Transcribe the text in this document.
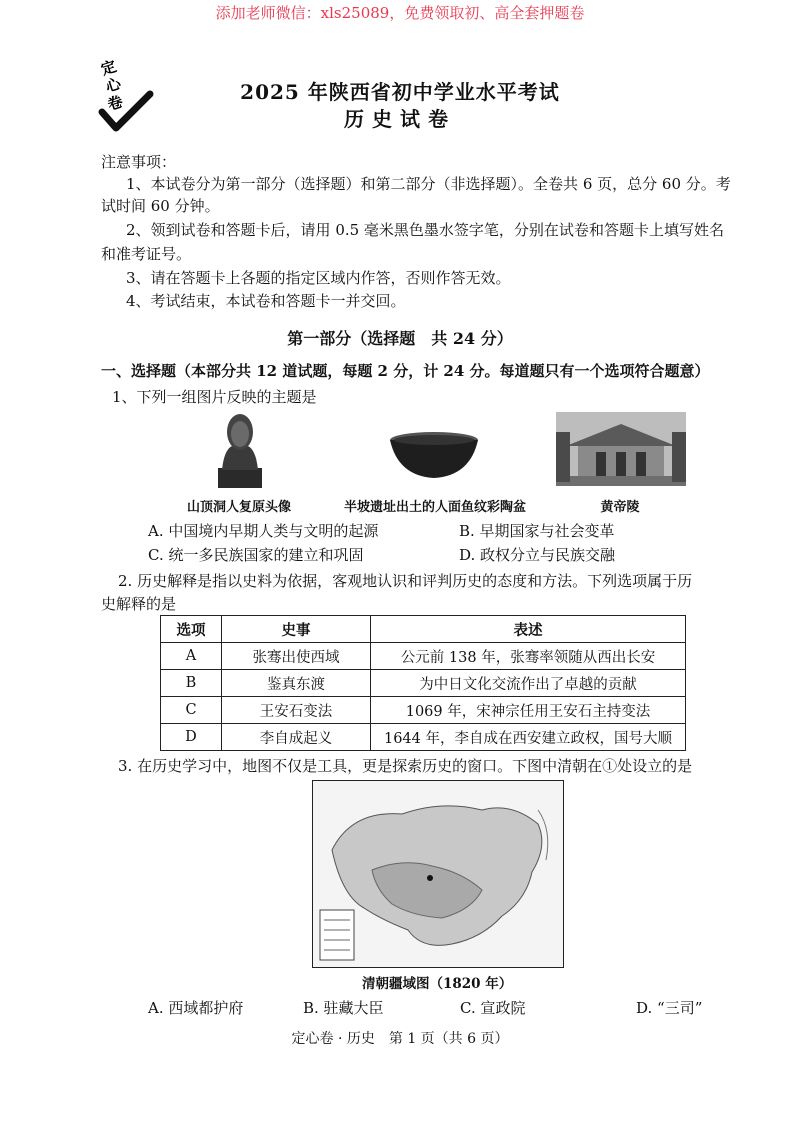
添加老师微信：xls25089，免费领取初、高全套押题卷
定
心
卷	2025 年陕西省初中学业水平考试
历史试卷
注意事项：
1、本试卷分为第一部分（选择题）和第二部分（非选择题）。全卷共 6 页，总分 60 分。考
试时间 60 分钟。
2、领到试卷和答题卡后，请用 0.5 毫米黑色墨水签字笔，分别在试卷和答题卡上填写姓名
和准考证号。
3、请在答题卡上各题的指定区域内作答，否则作答无效。
4、考试结束，本试卷和答题卡一并交回。
第一部分（选择题　共 24 分）
一、选择题（本部分共 12 道试题，每题 2 分，计 24 分。每道题只有一个选项符合题意）
1、下列一组图片反映的主题是
山顶洞人复原头像	半坡遗址出土的人面鱼纹彩陶盆	黄帝陵
A. 中国境内早期人类与文明的起源	B. 早期国家与社会变革
C. 统一多民族国家的建立和巩固	D. 政权分立与民族交融
2. 历史解释是指以史料为依据，客观地认识和评判历史的态度和方法。下列选项属于历
史解释的是
选项	史事	表述
A	张骞出使西域	公元前 138 年，张骞率领随从西出长安
B	鉴真东渡	为中日文化交流作出了卓越的贡献
C	王安石变法	1069 年，宋神宗任用王安石主持变法
D	李自成起义	1644 年，李自成在西安建立政权，国号大顺
3. 在历史学习中，地图不仅是工具，更是探索历史的窗口。下图中清朝在①处设立的是
清朝疆域图（1820 年）
A. 西域都护府	B. 驻藏大臣	C. 宣政院	D. “三司”
定心卷 · 历史　第 1 页（共 6 页）
